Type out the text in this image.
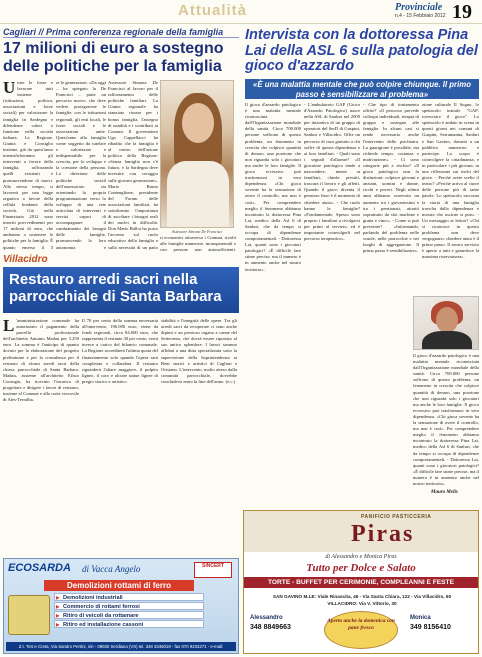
Attualità	Provinciale
n.4 - 15 Febbraio 2012 19
Cagliari // Prima conferenza regionale della famiglia
17 milioni di euro a sostegno delle politiche per la famiglia
Unire le forze e lavorare tutti insieme (istituzioni, politica, associazioni e forze sociali) per valorizzare la famiglia in Sardegna e difenderne valori e funzione nella società italiana. La Regione, Giunta e Consiglio insieme, già da quest'anno intensificheranno gli interventi a favore della famiglia, rafforzando quelli esistenti e promuovendone di nuovi. Allo stesso tempo, si lavorerà per una legge organica a favore della cellula fondante della società. Già nella Finanziaria 2012 sono inseriti provvedimenti per 17 milioni di euro, che andranno a sostenere le politiche per la famiglia. È quanto emerso il 3
re le generazioni. «Da oggi – ha spiegato la De Francisci – parte un percorso nuovo, che deve vedere protagoniste le famiglie, con le istituzioni regionali, gli enti locali, le forze sociali e le associazioni unite. Quest'anno alla famiglia come soggetto da tutelare e valorizzare e indispensabile per la crescita, per lo sviluppo e la coesione della persona. La direzione delle politiche sociali dell'assessorato sta orientando la propria programmazione verso lo sviluppo di una rete articolata di interventi e servizi capaci di accompagnare il cambiamento dei bisogni delle famiglie, promuovendo la loro autonomia e
Assessore Simona De Francisci al lavoro per il rafforzamento delle politiche familiari. La Giunta regionale ha stanziato risorse per i bonus famiglia, l'assegno di natalità e i contributi ai Comuni. Il governatore Ugo Cappellacci ha ribadito che la famiglia è al centro dell'azione politica della Regione: «Senza famiglia non c'è futuro, e la Sardegna deve investire con coraggio sulle giovani generazioni». Mario Bruno Contenglione, presidente del Forum delle associazioni familiari, ha sottolineato l'importanza di ascoltare i bisogni reali dei nuclei in difficoltà. Don Mario Balloi ha posto l'accento sul ruolo educativo della famiglia e sulla necessità di un patto
Assessore Simona De Francisci
ri economici attraverso i Comuni, rivolti alle famiglie numerose, monoparentali e con persone non autosufficienti.
Intervista con la dottoressa Pina Lai della ASL 6 sulla patologia del gioco d'azzardo
«È una malattia mentale che può colpire chiunque. Il primo passo è sensibilizzare al problema»
Il gioco d'azzardo patologico è una malattia mentale riconosciuta dall'Organizzazione mondiale della sanità. Circa 700.000 persone soffrono di questo problema, un fenomeno in crescita che colpisce quantità di denaro, una porzione che non riguarda solo i giocatori ma anche le loro famiglie. Il gioco eccessivo può trasformarsi in vera dipendenza. «Chi gioca sovente ha la sensazione di avere il controllo, ma non è così». Per comprendere meglio il fenomeno abbiamo incontrato la dottoressa Pina Lai, medico della Asl 6 di Sanluri, che da tempo si occupa di dipendenze comportamentali. - Dottoressa Lai, quanti sono i giocatori patologici? «È difficile fare stime precise, ma il numero è in aumento anche nel nostro territorio».
- L'ambulatorio GAP (Gioco d'Azzardo Patologico) nasce nella ASL di Sanluri nel 2009 per iniziativa di un gruppo di operatori del SerD di Guspini, Sanluri e Villacidro. Offre un percorso di cura gratuito a chi soffre di questa dipendenza e ai loro familiari. - Quali sono i segnali d'allarme? «Il giocatore patologico tende a nascondere, mente ai familiari, chiede prestiti, trascura il lavoro e gli affetti. Quando il gioco diventa il pensiero fisso è il momento di chiedere aiuto». - Che ruolo hanno le famiglie? «Fondamentale. Spesso sono proprio i familiari a rivolgersi per primi al servizio, ed è importante coinvolgerli nel percorso terapeutico».
- Che tipo di trattamento offrite? «Il percorso prevede colloqui individuali, terapia di gruppo e sostegno alle famiglie. In alcuni casi si rende necessario anche l'intervento dello psichiatra. La guarigione è possibile, ma richiede tempo, costanza e motivazione». - Ci sono categorie più a rischio? «Il gioco patologico non fa distinzioni: colpisce giovani e anziani, uomini e donne, ricchi e poveri. Negli ultimi anni abbiamo osservato un aumento tra i giovanissimi e tra i pensionati, attratti soprattutto da slot machine e gratta e vinci». - Come si può prevenire? «Informando, parlando del problema nelle scuole, nelle parrocchie e nei luoghi di aggregazione. Il primo passo è sensibilizzare».
zione culturale Il Sogno, lo spettacolo teatrale "GAP: rovesciare il gioco". Lo spettacolo è andato in scena in questi giorni nei comuni di Guspini, Serramanna, Sanluri e San Gavino, davanti a un pubblico numeroso e partecipe. Lo scopo è coinvolgere la cittadinanza, e in particolare i più giovani, in una riflessione sui rischi del gioco. - Perché avete scelto il teatro? «Perché arriva al cuore delle persone più di tante parole. Lo spettacolo racconta la storia di una famiglia travolta dalla dipendenza e mostra che uscirne si può». - Un messaggio ai lettori? «Chi si riconosce in questo problema non deve vergognarsi: chiedere aiuto è il primo passo. Il nostro servizio è aperto a tutti e garantisce la massima riservatezza».
Il gioco d'azzardo patologico è una malattia mentale riconosciuta dall'Organizzazione mondiale della sanità. Circa 700.000 persone soffrono di questo problema, un fenomeno in crescita che colpisce quantità di denaro, una porzione che non riguarda solo i giocatori ma anche le loro famiglie. Il gioco eccessivo può trasformarsi in vera dipendenza. «Chi gioca sovente ha la sensazione di avere il controllo, ma non è così». Per comprendere meglio il fenomeno abbiamo incontrato la dottoressa Pina Lai, medico della Asl 6 di Sanluri, che da tempo si occupa di dipendenze comportamentali. - Dottoressa Lai, quanti sono i giocatori patologici? «È difficile fare stime precise, ma il numero è in aumento anche nel nostro territorio».
Mauro Melis
Villacidro
Restauro arredi sacri nella parrocchiale di Santa Barbara
L 'amministrazione comunale ha autorizzato il pagamento della parcella professionale dell'architetto Antonio Madau per 3.250 euro. La somma è l'anticipo di quanto dovuto per la elaborazione del progetto preliminare e per la consulenza per il restauro di alcuni arredi sacri della chiesa parrocchiale di Santa Barbara. Madau, assieme all'architetto Efisio Corongiu, ha ricevuto l'incarico di progettare e dirigere i lavori di restauro, insieme al Comune e alla curia vescovile di Ales-Terralba.
Il 70 per cento della somma necessaria all'intervento, 196.000 euro, viene da fondi regionali, circa 84.000 euro, che rappresenta il restante 30 per cento, verrà invece a carico del bilancio comunale. La Regione accrediterà l'ultima quota del finanziamento solo quando l'opera sarà completata e collaudata. Il restauro riguarderà l'altare maggiore, il pulpito ligneo, il coro e alcune statue lignee di pregio storico e artistico.
stabilità e l'integrità delle opere. Tra gli arredi sacri da recuperare ci sono anche dipinti e un prezioso organo a canne del Settecento, che dovrà essere riportato al suo antico splendore. I lavori saranno affidati a una ditta specializzata sotto la supervisione della Soprintendenza ai Beni storici e artistici di Cagliari e Oristano. L'intervento, molto atteso dalla comunità parrocchiale, dovrebbe concludersi entro la fine dell'anno. (e.c.)
ECOSARDA di Vacca Angelo	SINCERT
Demolizioni rottami di ferro
▶ Demolizioni industriali
▶ Commercio di rottami ferrosi
▶ Ritiro di veicoli da rottamare
▶ Ritiro ed installazione cassoni
Z.I. Terr.e Creta, Via Sandro Pertini, s/n - 09030 Serdiana (VS) tel. 348 3346018 - fax 070 9234271 - e-mail:
PANIFICIO PASTICCERIA
Piras
di Alessandro e Monica Piras
Tutto per Dolce e Salato
TORTE - BUFFET PER CERIMONIE, COMPLEANNI E FESTE
SAN GAVINO M.LE: Viale Rinascita, 46 - Via Santa Chiara, 122 - Via Villacidro, 60
VILLACIDRO: Via V. Vittorio, 30
Alessandro
348 8849663
Aperto anche la domenica con pane fresco
Monica
349 8156410
